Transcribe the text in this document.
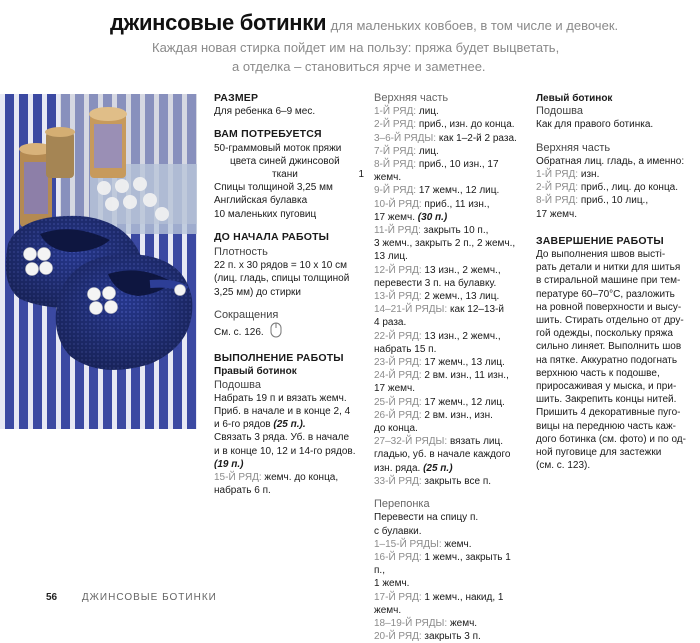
джинсовые ботинки для маленьких ковбоев, в том числе и девочек.

Каждая новая стирка пойдет им на пользу: пряжа будет выцветать,

а отделка – становиться ярче и заметнее.

РАЗМЕР

Для ребенка 6–9 мес.

ВАМ ПОТРЕБУЕТСЯ

50-граммовый моток пряжи

цвета синей джинсовой

ткани	1

Спицы толщиной 3,25 мм

Английская булавка

10 маленьких пуговиц

ДО НАЧАЛА РАБОТЫ
Плотность

22 п. x 30 рядов = 10 x 10 см

(лиц. гладь, спицы толщиной

3,25 мм) до стирки

Сокращения

См. с. 126.

ВЫПОЛНЕНИЕ РАБОТЫ
Правый ботинок
Подошва

Набрать 19 п и вязать жемч.

Приб. в начале и в конце 2, 4

и 6-го рядов (25 п.).

Связать 3 ряда. Уб. в начале

и в конце 10, 12 и 14-го рядов.

(19 п.)

15-Й РЯД: жемч. до конца,

набрать 6 п.

Верхняя часть

1-Й РЯД: лиц.

2-Й РЯД: приб., изн. до конца.

3–6-Й РЯДЫ: как 1–2-й 2 раза.

7-Й РЯД: лиц.

8-Й РЯД: приб., 10 изн., 17 жемч.

9-Й РЯД: 17 жемч., 12 лиц.

10-Й РЯД: приб., 11 изн.,

17 жемч. (30 п.)

11-Й РЯД: закрыть 10 п.,

3 жемч., закрыть 2 п., 2 жемч.,

13 лиц.

12-Й РЯД: 13 изн., 2 жемч.,

перевести 3 п. на булавку.

13-Й РЯД: 2 жемч., 13 лиц.

14–21-Й РЯДЫ: как 12–13-й

4 раза.

22-Й РЯД: 13 изн., 2 жемч.,

набрать 15 п.

23-Й РЯД: 17 жемч., 13 лиц.

24-Й РЯД: 2 вм. изн., 11 изн.,

17 жемч.

25-Й РЯД: 17 жемч., 12 лиц.

26-Й РЯД: 2 вм. изн., изн.

до конца.

27–32-Й РЯДЫ: вязать лиц.

гладью, уб. в начале каждого

изн. ряда. (25 п.)

33-Й РЯД: закрыть все п.

Перепонка

Перевести на спицу п.

с булавки.

1–15-Й РЯДЫ: жемч.

16-Й РЯД: 1 жемч., закрыть 1 п.,

1 жемч.

17-Й РЯД: 1 жемч., накид, 1 жемч.

18–19-Й РЯДЫ: жемч.

20-Й РЯД: закрыть 3 п.

Левый ботинок
Подошва

Как для правого ботинка.

Верхняя часть

Обратная лиц. гладь, а именно:

1-Й РЯД: изн.

2-Й РЯД: приб., лиц. до конца.

8-Й РЯД: приб., 10 лиц.,

17 жемч.

ЗАВЕРШЕНИЕ РАБОТЫ

До выполнения швов выстi-

рать детали и нитки для шитья

в стиральной машине при тем-

пературе 60–70°С, разложить

на ровной поверхности и высу-

шить. Стирать отдельно от дру-

гой одежды, поскольку пряжа

сильно линяет. Выполнить шов

на пятке. Аккуратно подогнать

верхнюю часть к подошве,

приросаживая у мыска, и при-

шить. Закрепить концы нитей.

Пришить 4 декоративные пуго-

вицы на переднюю часть каж-

дого ботинка (см. фото) и по од-

ной пуговице для застежки

(см. с. 123).

56 ДЖИНСОВЫЕ БОТИНКИ
